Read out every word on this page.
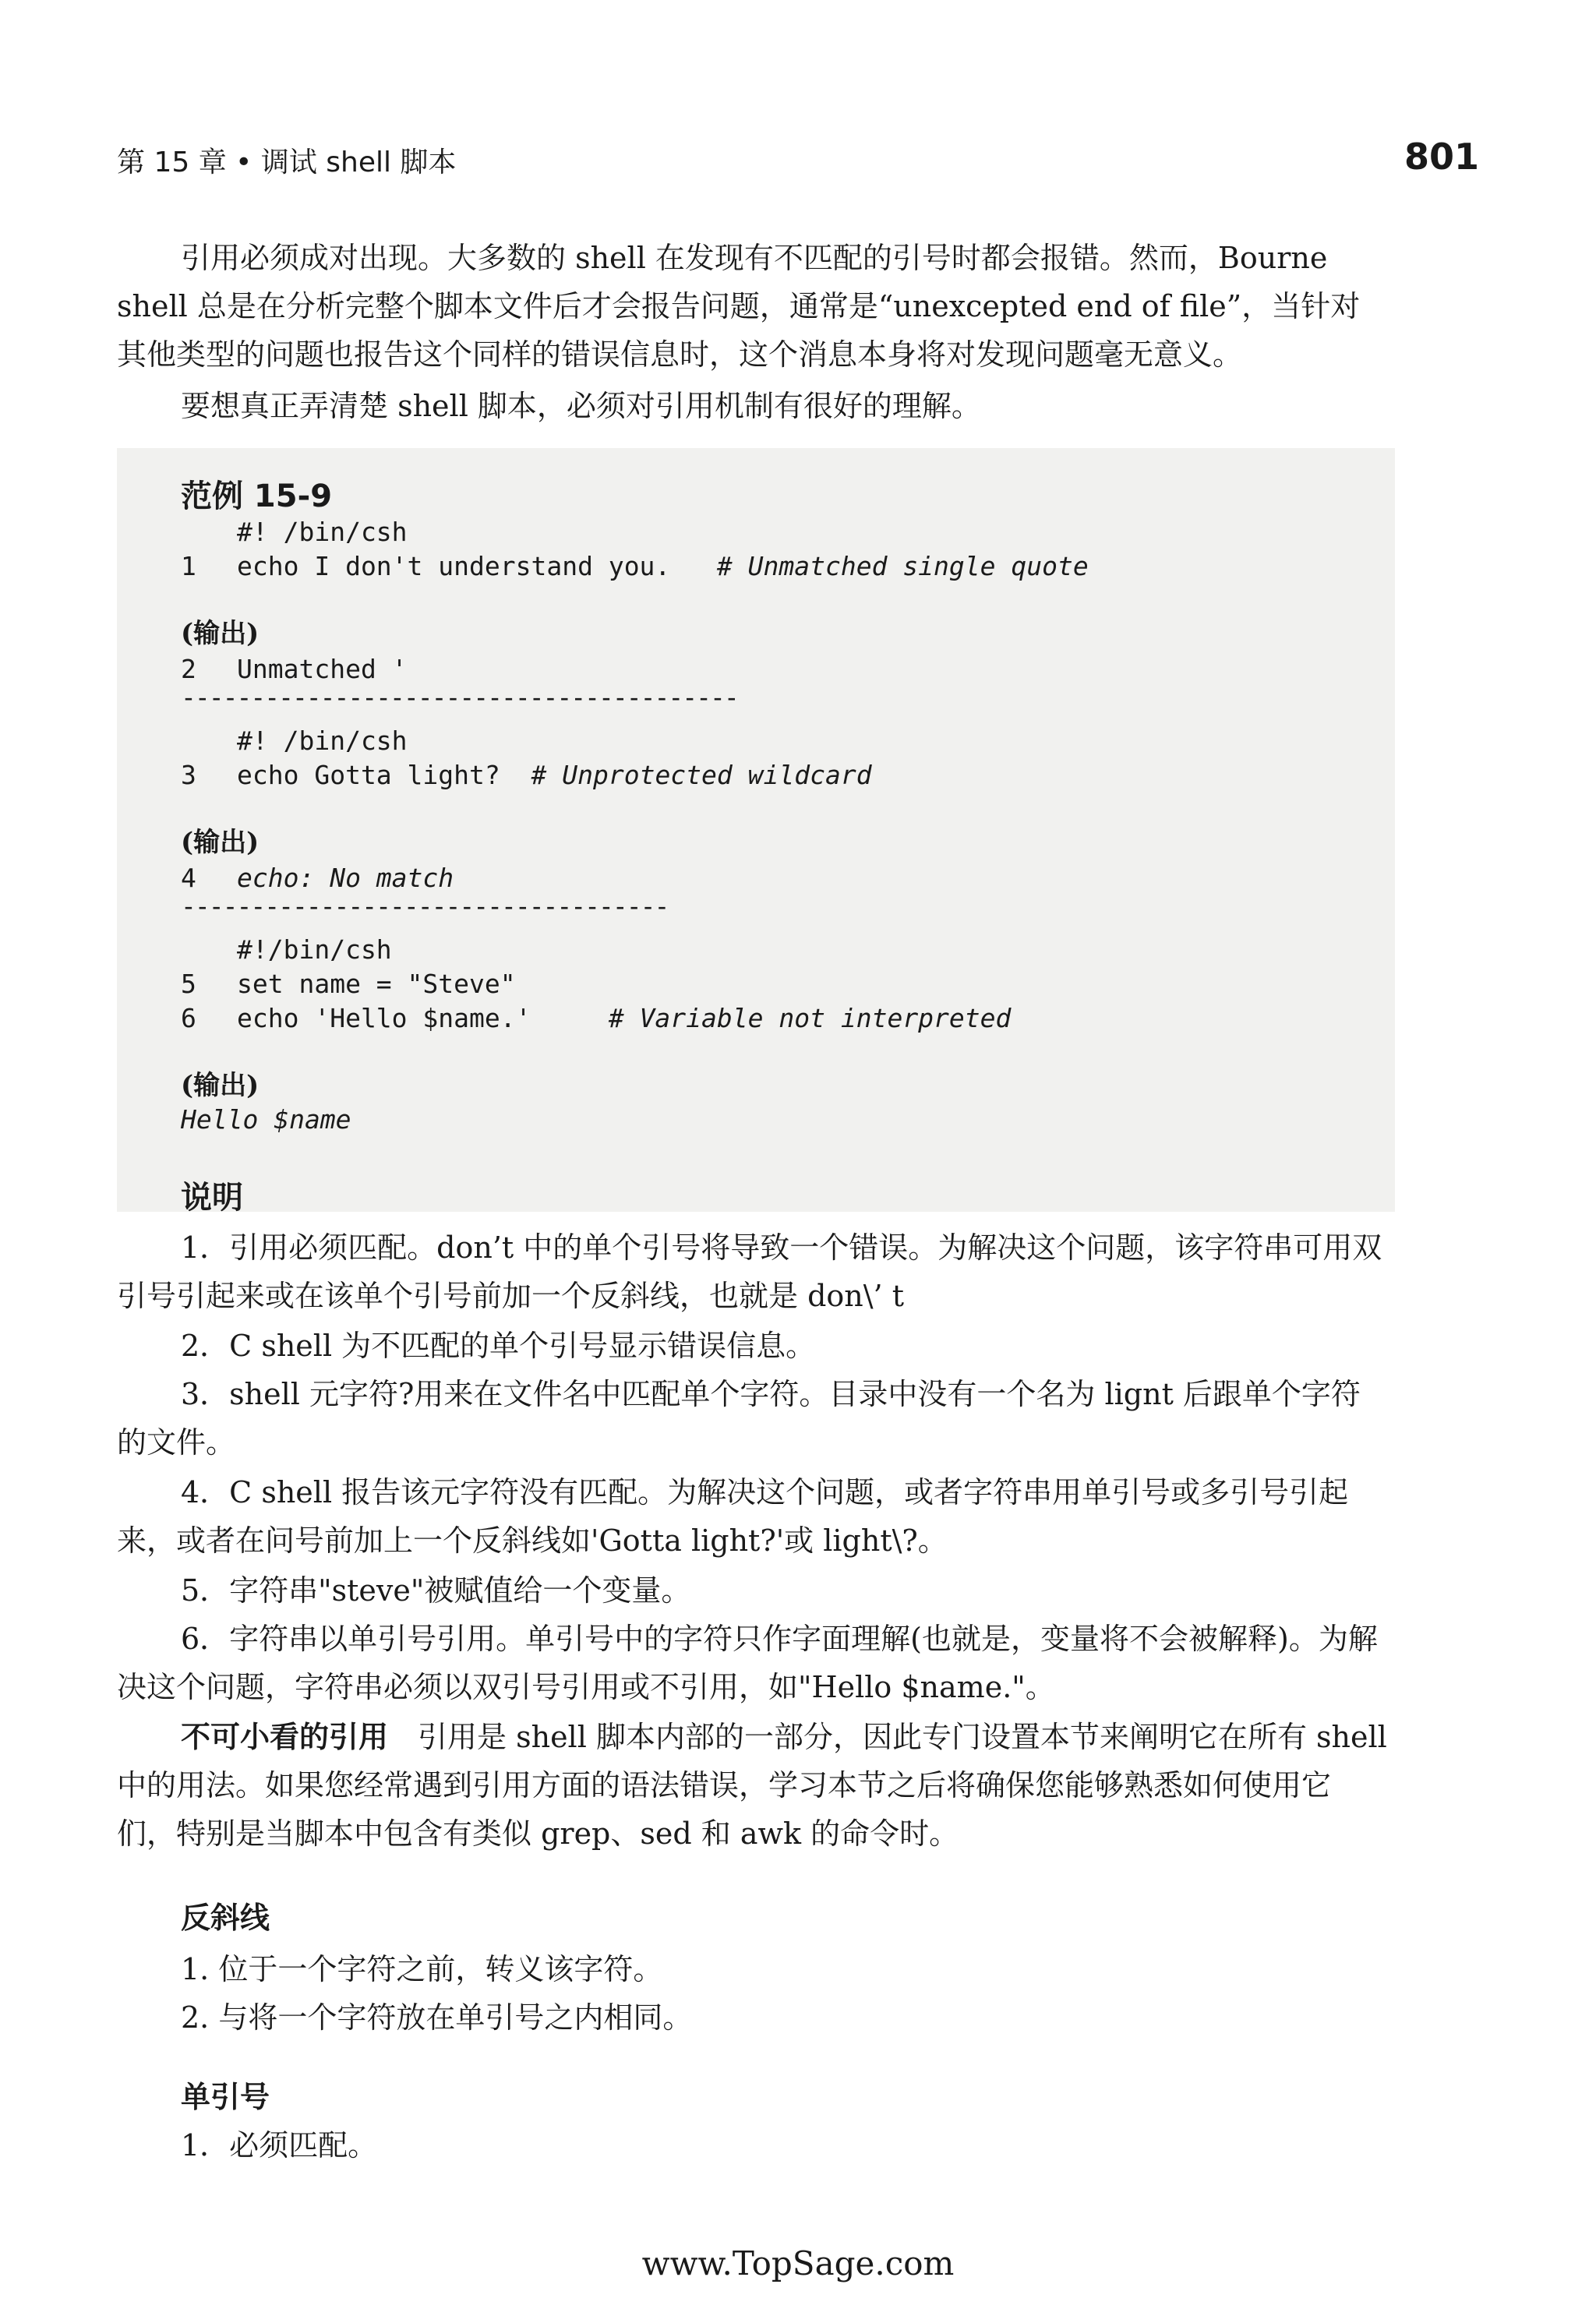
第 15 章 • 调试 shell 脚本	801
引用必须成对出现。大多数的 shell 在发现有不匹配的引号时都会报错。然而，Bourne shell 总是在分析完整个脚本文件后才会报告问题，通常是“unexcepted end of file”，当针对其他类型的问题也报告这个同样的错误信息时，这个消息本身将对发现问题毫无意义。
要想真正弄清楚 shell 脚本，必须对引用机制有很好的理解。
范例 15-9
#! /bin/csh
1 echo I don't understand you.   # Unmatched single quote
(输出)
2 Unmatched '
----------------------------------------
#! /bin/csh
3 echo Gotta light?  # Unprotected wildcard
(输出)
4 echo: No match
-----------------------------------
#!/bin/csh
5 set name = "Steve"
6 echo 'Hello $name.'     # Variable not interpreted
(输出)
Hello $name
说明
1．引用必须匹配。don’t 中的单个引号将导致一个错误。为解决这个问题，该字符串可用双引号引起来或在该单个引号前加一个反斜线，也就是 don\’ t
2．C shell 为不匹配的单个引号显示错误信息。
3．shell 元字符?用来在文件名中匹配单个字符。目录中没有一个名为 lignt 后跟单个字符的文件。
4．C shell 报告该元字符没有匹配。为解决这个问题，或者字符串用单引号或多引号引起来，或者在问号前加上一个反斜线如'Gotta light?'或 light\?。
5．字符串"steve"被赋值给一个变量。
6．字符串以单引号引用。单引号中的字符只作字面理解(也就是，变量将不会被解释)。为解决这个问题，字符串必须以双引号引用或不引用，如"Hello $name."。
不可小看的引用　引用是 shell 脚本内部的一部分，因此专门设置本节来阐明它在所有 shell 中的用法。如果您经常遇到引用方面的语法错误，学习本节之后将确保您能够熟悉如何使用它们，特别是当脚本中包含有类似 grep、sed 和 awk 的命令时。
反斜线
1. 位于一个字符之前，转义该字符。
2. 与将一个字符放在单引号之内相同。
单引号
1．必须匹配。
www.TopSage.com
